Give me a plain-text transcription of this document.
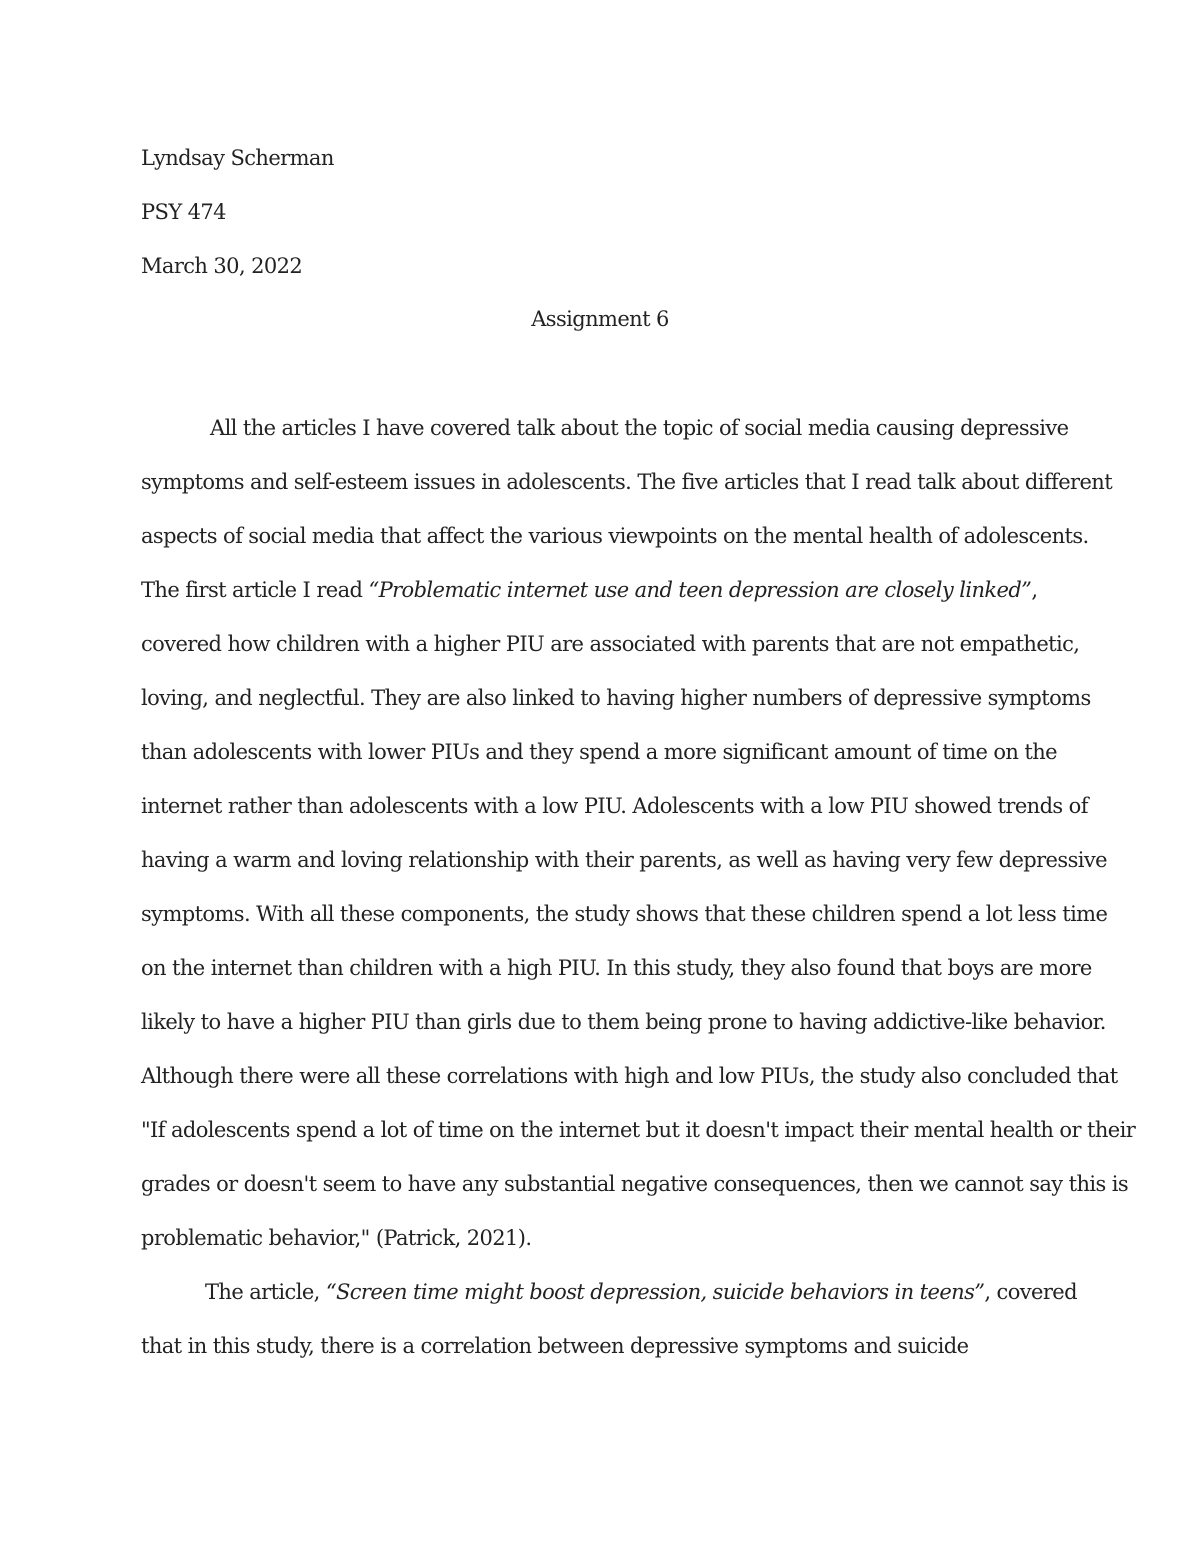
Lyndsay Scherman
PSY 474
March 30, 2022
Assignment 6
All the articles I have covered talk about the topic of social media causing depressive
symptoms and self-esteem issues in adolescents. The five articles that I read talk about different
aspects of social media that affect the various viewpoints on the mental health of adolescents.
The first article I read “Problematic internet use and teen depression are closely linked”,
covered how children with a higher PIU are associated with parents that are not empathetic,
loving, and neglectful. They are also linked to having higher numbers of depressive symptoms
than adolescents with lower PIUs and they spend a more significant amount of time on the
internet rather than adolescents with a low PIU. Adolescents with a low PIU showed trends of
having a warm and loving relationship with their parents, as well as having very few depressive
symptoms. With all these components, the study shows that these children spend a lot less time
on the internet than children with a high PIU. In this study, they also found that boys are more
likely to have a higher PIU than girls due to them being prone to having addictive-like behavior.
Although there were all these correlations with high and low PIUs, the study also concluded that
"If adolescents spend a lot of time on the internet but it doesn't impact their mental health or their
grades or doesn't seem to have any substantial negative consequences, then we cannot say this is
problematic behavior," (Patrick, 2021).
The article, “Screen time might boost depression, suicide behaviors in teens”, covered
that in this study, there is a correlation between depressive symptoms and suicide
